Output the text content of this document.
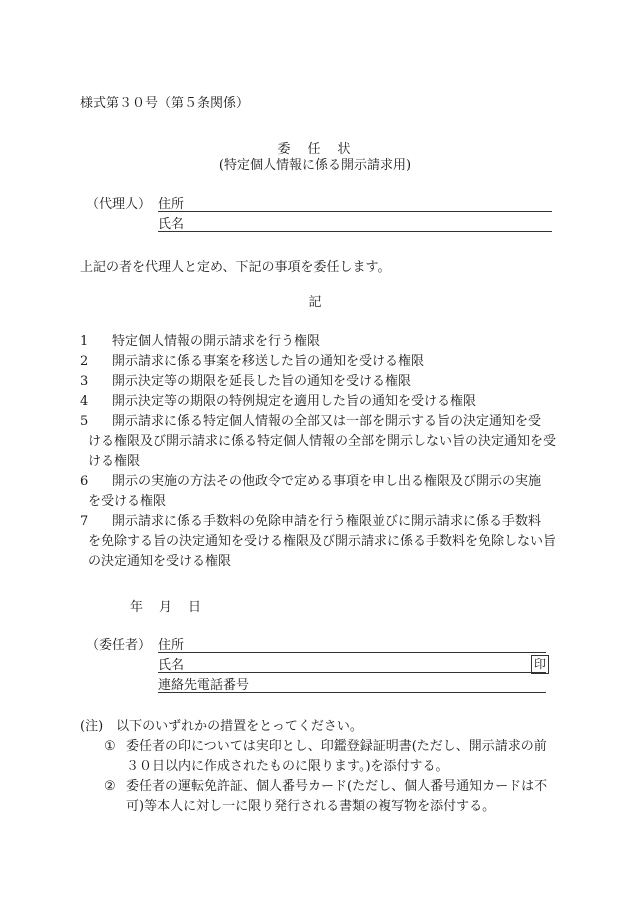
様式第３０号（第５条関係）
委　任　状
(特定個人情報に係る開示請求用)
（代理人） 住所
氏名
上記の者を代理人と定め、下記の事項を委任します。
記
1 特定個人情報の開示請求を行う権限
2 開示請求に係る事案を移送した旨の通知を受ける権限
3 開示決定等の期限を延長した旨の通知を受ける権限
4 開示決定等の期限の特例規定を適用した旨の通知を受ける権限
5 開示請求に係る特定個人情報の全部又は一部を開示する旨の決定通知を受
ける権限及び開示請求に係る特定個人情報の全部を開示しない旨の決定通知を受ける権限
6 開示の実施の方法その他政令で定める事項を申し出る権限及び開示の実施
を受ける権限
7 開示請求に係る手数料の免除申請を行う権限並びに開示請求に係る手数料
を免除する旨の決定通知を受ける権限及び開示請求に係る手数料を免除しない旨の決定通知を受ける権限
年 月 日
（委任者） 住所
氏名	印
連絡先電話番号
(注)　以下のいずれかの措置をとってください。
① 委任者の印については実印とし、印鑑登録証明書(ただし、開示請求の前３０日以内に作成されたものに限ります。)を添付する。
② 委任者の運転免許証、個人番号カード(ただし、個人番号通知カードは不可)等本人に対し一に限り発行される書類の複写物を添付する。
